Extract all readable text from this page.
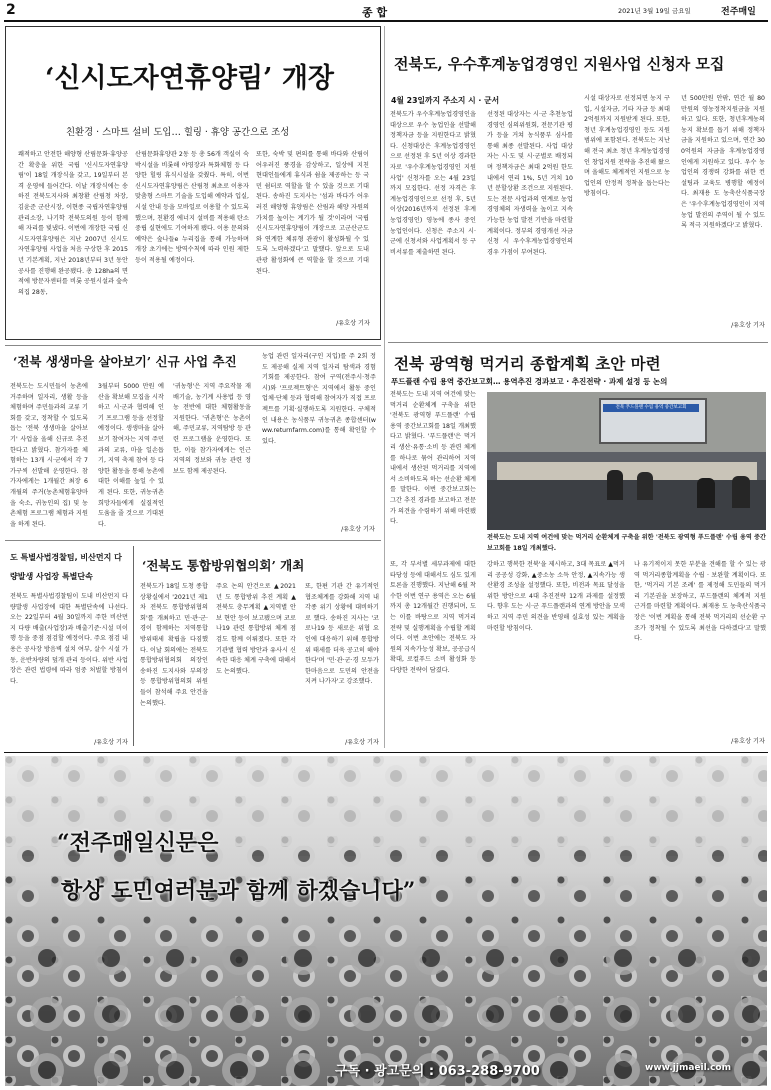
2	종 합	2021년 3월 19일 금요일	전주매일
‘신시도자연휴양림’ 개장
친환경 · 스마트 설비 도입… 힐링 · 휴양 공간으로 조성
쾌적하고 안전한 해양형 산림문화·휴양공간 확충을 위한 국립 '신시도자연휴양림'이 18일 개장식을 갖고, 19일부터 본격 운영에 들어간다. 이날 개장식에는 송하진 전북도지사와 최창환 산림청 차장, 김윤준 군산시장, 이현종 국립자연휴양림관리소장, 나기학 전북도의원 등이 함께해 자리를 빛냈다. 이번에 개장한 국립 신시도자연휴양림은 지난 2007년 신시도자연휴양림 사업을 처음 구상한 후 2015년 기본계획, 지난 2018년부터 3년 동안 공사를 진행해 완공됐다. 총 128ha의 면적에 방문자센터를 비롯 공원시설과 숲속의집 28동,
산림문화휴양관 2동 등 총 56개 객실이 숙박시설을 비롯해 야영장과 특화체험 등 다양한 힐링 휴식시설을 갖췄다. 특히, 이번 신시도자연휴양림은 산림청 최초로 이용자 맞춤형 스마트 기술을 도입해 예약과 입실, 시설 안내 등을 모바일로 이용할 수 있도록 했으며, 친환경 에너지 설비를 적용해 탄소중립 실현에도 기여하게 됐다. 이용 문의와 예약은 숲나들e 누리집을 통해 가능하며 개장 초기에는 방역수칙에 따라 인원 제한 등이 적용될 예정이다.
또한, 숙박 및 편의를 통해 바다와 산림이 어우러진 풍경을 감상하고, 일상에 지친 현대인들에게 휴식과 쉼을 제공하는 등 국민 쉼터로 역할을 할 수 있을 것으로 기대된다. 송하진 도지사는 '섬과 바다가 어우러진 해양형 휴양림은 산림과 해양 자원의 가치를 높이는 계기가 될 것'이라며 '국립신시도자연휴양림이 개장으로 고군산군도와 연계한 체류형 관광이 활성화될 수 있도록 노력하겠다'고 말했다. 앞으로 도내 관광 활성화에 큰 역할을 할 것으로 기대된다.
/유호상 기자
전북도, 우수후계농업경영인 지원사업 신청자 모집
4월 23일까지 주소지 시 · 군서
전북도가 우수후계농업경영인을 대상으로 우수 농업인을 선발해 정책자금 등을 지원한다고 밝혔다. 신청대상은 후계농업경영인으로 선정된 후 5년 이상 경과한 자로 '우수후계농업경영인 지원 사업' 신청자를 오는 4월 23일까지 모집한다. 선정 자격은 후계농업경영인으로 선정 후, 5년 이상(2016년까지 선정된 후계농업경영인) 영농에 종사 중인 농업인이다. 신청은 주소지 시·군에 신청서와 사업계획서 등 구비서류를 제출하면 된다.
선정된 대상자는 시·군 추천농업경영인 심의위원회, 전문기관 평가 등을 거쳐 농식품부 심사를 통해 최종 선발된다. 사업 대상자는 시·도 및 시·군별로 배정되며 정책자금은 최대 2억원 한도 내에서 연리 1%, 5년 거치 10년 분할상환 조건으로 지원된다. 도는 전문 사업과의 연계로 농업 경영체의 자생력을 높이고 지속가능한 농업 발전 기반을 마련할 계획이다. 정부의 경영개선 자금 신청 시 우수후계농업경영인의 경우 가점이 부여된다.
시설 대상자로 선정되면 농지 구입, 시설자금, 기타 자금 등 최대 2억원까지 지원받게 된다. 또한, 청년 후계농업경영인 등도 지원 범위에 포함된다. 전북도는 지난해 전국 최초 청년 후계농업경영인 창업지원 전략을 추진해 왔으며 올해도 체계적인 지원으로 농업인의 안정적 정착을 돕는다는 방침이다.
년 500만원 안팎, 연간 월 80만원의 영농정착지원금을 지원하고 있다. 또한, 청년후계농의 농지 확보를 돕기 위해 정책자금을 지원하고 있으며, 연간 300억원의 자금을 후계농업경영인에게 지원하고 있다. 우수 농업인의 경쟁력 강화를 위한 컨설팅과 교육도 병행할 예정이다. 최재용 도 농축산식품국장은 '우수후계농업경영인이 지역 농업 발전의 주역이 될 수 있도록 적극 지원하겠다'고 밝혔다.
/유호상 기자
‘전북 생생마을 살아보기’ 신규 사업 추진
전북도는 도시민들이 농촌에 거주하며 일자리, 생활 등을 체험하며 주민들과의 교류 기회를 갖고, 정착할 수 있도록 돕는 '전북 생생마을 살아보기' 사업을 올해 신규로 추진한다고 밝혔다. 참가자를 체험하는 13개 시·군에서 각 7가구씩 선발해 운영한다. 참가자에게는 1개월간 최장 6개월의 주거(농촌체험휴양마을 숙소, 귀농인의 집) 및 농촌체험 프로그램 체험과 지원을 하게 된다.
3월부터 5000 만원 예산을 확보해 모집을 시작하고 시·군과 협력해 인기 프로그램 등을 선정할 예정이다. 생생마을 살아보기 참여자는 지역 주민과의 교류, 마을 일손돕기, 지역 축제 참여 등 다양한 활동을 통해 농촌에 대한 이해를 높일 수 있게 된다. 또한, 귀농귀촌 희망자들에게 실질적인 도움을 줄 것으로 기대된다.
'귀농형'은 지역 주요작물 재배기술, 농기계 사용법 등 영농 전반에 대한 체험활동을 지원한다. '귀촌형'은 농촌이해, 주민교류, 지역탐방 등 관련 프로그램을 운영한다. 또한, 이들 참가자에게는 인근 지역의 정보와 귀농 관련 정보도 함께 제공된다.
농업 관련 일자리(구인 지입)를 주 2회 정도 제공해 실제 지역 일자리 탐색과 경험 기회를 제공한다. 참여 구역(전주시·청주시)와 '프로젝트형'은 지역에서 활동 중인 업체·단체 등과 협력해 참여자가 직접 프로젝트를 기획·실행하도록 지원한다. 구체적인 내용은 농식품부 귀농귀촌 종합센터(www.returnfarm.com)를 통해 확인할 수 있다.
/유호상 기자
도 특별사법경찰팀, 비산먼지 다량발생 사업장 특별단속
전북도 특별사법경찰팀이 도내 비산먼지 다량발생 사업장에 대한 특별단속에 나선다. 오는 22일부터 4월 30일까지 주한 비산먼지 다량 배출(사업장)과 배출기준·시설 미이행 등을 중점 점검할 예정이다. 주요 점검 내용은 공사장 방음벽 설치 여부, 살수 시설 가동, 운반차량의 덮개 관리 등이다. 위반 사업장은 관련 법령에 따라 엄중 처벌할 방침이다.
/유호상 기자
‘전북도 통합방위협의회’ 개최
전북도가 18일 도청 종합상황실에서 '2021년 제1차 전북도 통합방위협의회'를 개최하고 민·관·군·경이 함께하는 지역통합방위태세 확립을 다짐했다. 이날 회의에는 전북도 통합방위협의회 의장인 송하진 도지사와 부의장 등 통합방위협의회 위원들이 참석해 주요 안건을 논의했다.
주요 논의 안건으로 ▲2021년 도 통합방위 추진 계획 ▲전북도 충무계획 ▲지역별 안보 현안 등이 보고됐으며 코로나19 관련 통합방위 체계 점검도 함께 이뤄졌다. 또한 각 기관별 협력 방안과 유사시 신속한 대응 체계 구축에 대해서도 논의했다.
또, 한편 기관 간 유기적인 협조체계를 강화해 지역 내 각종 위기 상황에 대비하기로 했다. 송하진 지사는 '코로나19 등 새로운 위협 요인에 대응하기 위해 통합방위 태세를 더욱 공고히 해야 한다'며 '민·관·군·경 모두가 한마음으로 도민의 안전을 지켜 나가자'고 강조했다.
/유호상 기자
전북 광역형 먹거리 종합계획 초안 마련
푸드플랜 수립 용역 중간보고회… 용역추진 경과보고 · 추진전략 · 과제 설정 등 논의
전북도는 도내 지역 여건에 맞는 먹거리 순환체계 구축을 위한 '전북도 광역형 푸드플랜' 수립 용역 중간보고회를 18일 개최했다고 밝혔다. '푸드플랜'은 먹거리 생산·유통·소비 등 관련 체계를 하나로 묶어 관리하여 지역 내에서 생산된 먹거리를 지역에서 소비하도록 하는 선순환 체계를 말한다. 이번 중간보고회는 그간 추진 경과를 보고하고 전문가 의견을 수렴하기 위해 마련됐다.
전북 푸드플랜 수립 용역 중간보고회
전북도는 도내 지역 여건에 맞는 먹거리 순환체계 구축을 위한 '전북도 광역형 푸드플랜' 수립 용역 중간보고회를 18일 개최했다.
또, 각 부서별 세부과제에 대한 타당성 등에 대해서도 심도 있게 토론을 진행했다. 지난해 6월 착수한 이번 연구 용역은 오는 6월까지 총 12개월간 진행되며, 도는 이를 바탕으로 지역 먹거리 전략 및 실행계획을 수립할 계획이다. 이번 초안에는 전북도 자원의 지속가능성 확보, 공공급식 확대, 로컬푸드 소비 활성화 등 다양한 전략이 담겼다.
강하고 행복한 전북'을 제시하고, 3대 목표로 ▲먹거리 공공성 강화, ▲중소농 소득 안정, ▲지속가능 생산환경 조성을 설정했다. 또한, 비전과 목표 달성을 위한 방안으로 4대 추진전략 12개 과제를 설정했다. 향후 도는 시·군 푸드플랜과의 연계 방안을 모색하고 지역 주민 의견을 반영해 실효성 있는 계획을 마련할 방침이다.
나 유기적이지 못한 부분을 견해를 할 수 있는 광역 먹거리종합계획을 수립 · 보완할 계획이다. 또한, '먹거리 기본 조례' 를 제정해 도민들의 먹거리 기본권을 보장하고, 푸드플랜의 체계적 지원 근거를 마련할 계획이다. 최재용 도 농축산식품국장은 '이번 계획을 통해 전북 먹거리의 선순환 구조가 정착될 수 있도록 최선을 다하겠다'고 말했다.
/유호상 기자
“전주매일신문은
항상 도민여러분과 함께 하겠습니다”
구독 · 광고문의 : 063-288-9700	www.jjmaeil.com
